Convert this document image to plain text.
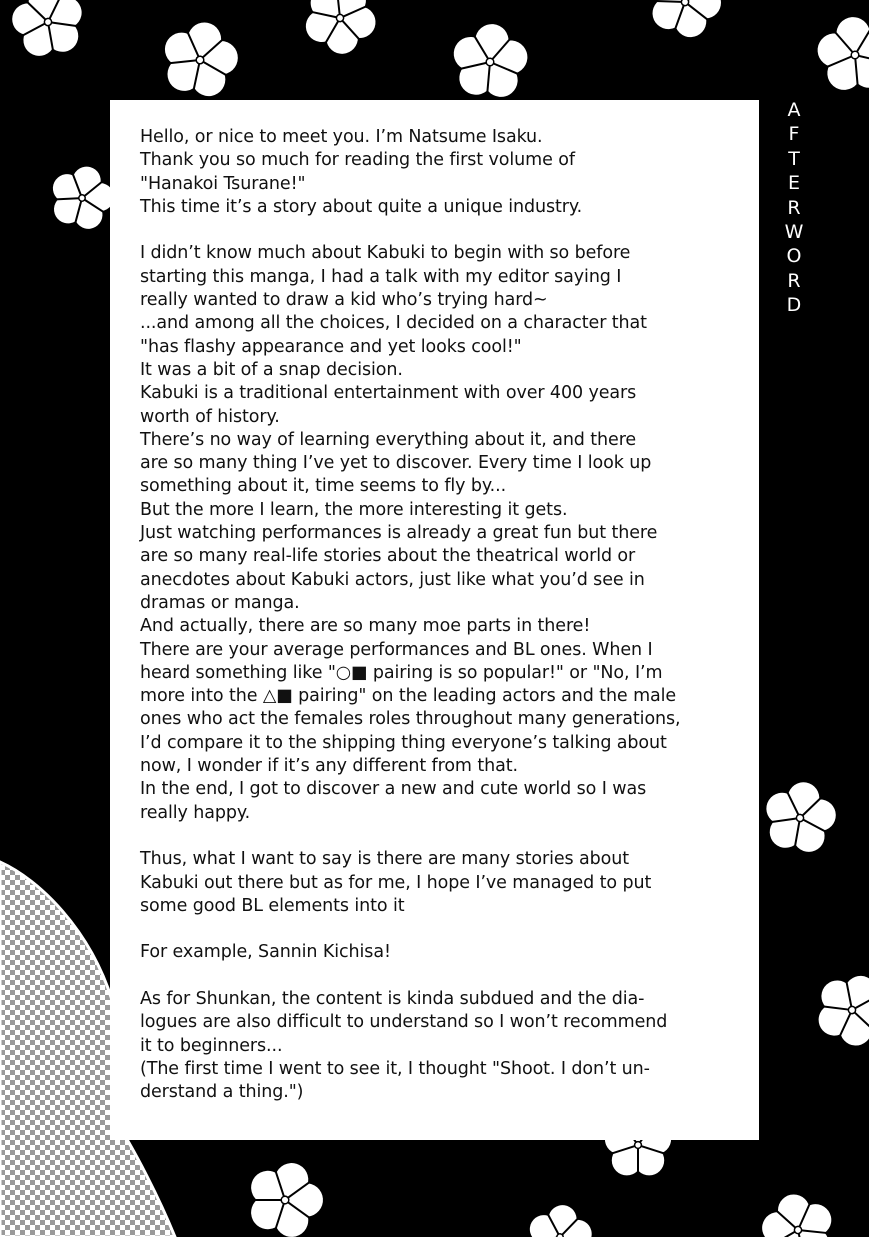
Hello, or nice to meet you. I’m Natsume Isaku.
Thank you so much for reading the first volume of
"Hanakoi Tsurane!"
This time it’s a story about quite a unique industry.

I didn’t know much about Kabuki to begin with so before
starting this manga, I had a talk with my editor saying I
really wanted to draw a kid who’s trying hard~
...and among all the choices, I decided on a character that
"has flashy appearance and yet looks cool!"
It was a bit of a snap decision.
Kabuki is a traditional entertainment with over 400 years
worth of history.
There’s no way of learning everything about it, and there
are so many thing I’ve yet to discover. Every time I look up
something about it, time seems to fly by...
But the more I learn, the more interesting it gets.
Just watching performances is already a great fun but there
are so many real-life stories about the theatrical world or
anecdotes about Kabuki actors, just like what you’d see in
dramas or manga.
And actually, there are so many moe parts in there!
There are your average performances and BL ones. When I
heard something like "○■ pairing is so popular!" or "No, I’m
more into the △■ pairing" on the leading actors and the male
ones who act the females roles throughout many generations,
I’d compare it to the shipping thing everyone’s talking about
now, I wonder if it’s any different from that.
In the end, I got to discover a new and cute world so I was
really happy.

Thus, what I want to say is there are many stories about
Kabuki out there but as for me, I hope I’ve managed to put
some good BL elements into it

For example, Sannin Kichisa!

As for Shunkan, the content is kinda subdued and the dia-
logues are also difficult to understand so I won’t recommend
it to beginners...
(The first time I went to see it, I thought "Shoot. I don’t un-
derstand a thing.")

A
F
T
E
R
W
O
R
D
